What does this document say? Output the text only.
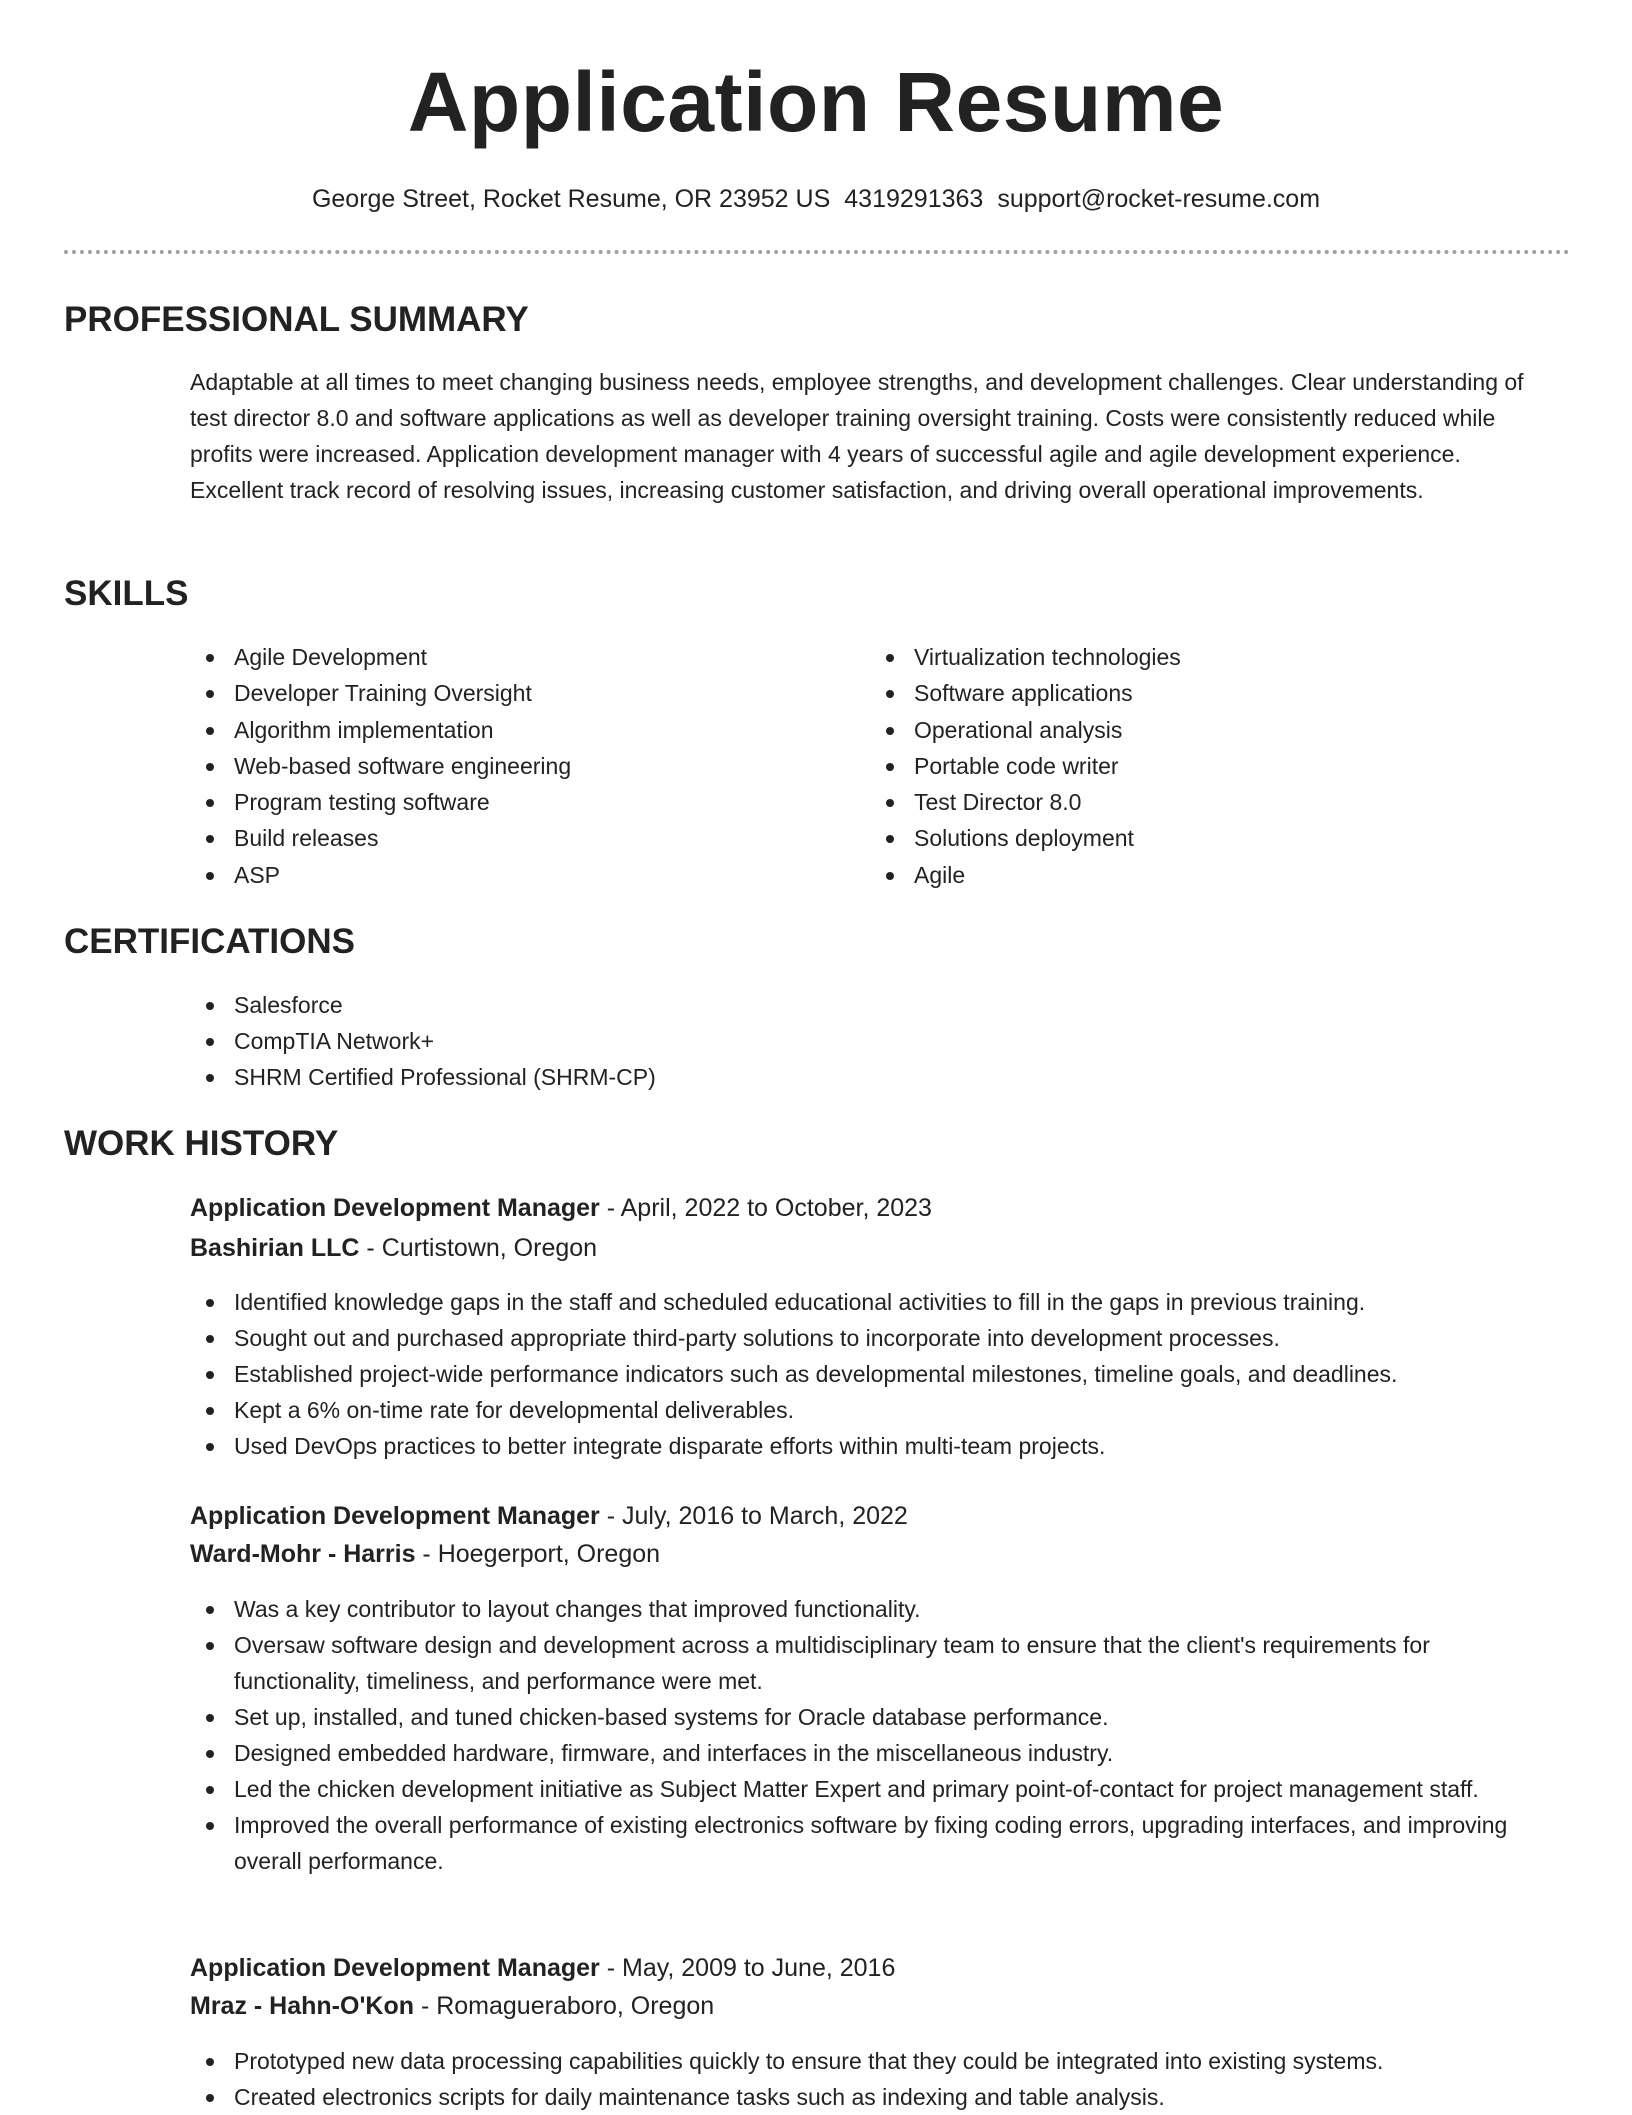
Application Resume
George Street, Rocket Resume, OR 23952 US 4319291363 support@rocket-resume.com
PROFESSIONAL SUMMARY

Adaptable at all times to meet changing business needs, employee strengths, and development challenges. Clear understanding of test director 8.0 and software applications as well as developer training oversight training. Costs were consistently reduced while profits were increased. Application development manager with 4 years of successful agile and agile development experience. Excellent track record of resolving issues, increasing customer satisfaction, and driving overall operational improvements.

SKILLS
Agile Development
Developer Training Oversight
Algorithm implementation
Web-based software engineering
Program testing software
Build releases
ASP
Virtualization technologies
Software applications
Operational analysis
Portable code writer
Test Director 8.0
Solutions deployment
Agile
CERTIFICATIONS
Salesforce
CompTIA Network+
SHRM Certified Professional (SHRM-CP)
WORK HISTORY
Application Development Manager - April, 2022 to October, 2023
Bashirian LLC - Curtistown, Oregon
Identified knowledge gaps in the staff and scheduled educational activities to fill in the gaps in previous training.
Sought out and purchased appropriate third-party solutions to incorporate into development processes.
Established project-wide performance indicators such as developmental milestones, timeline goals, and deadlines.
Kept a 6% on-time rate for developmental deliverables.
Used DevOps practices to better integrate disparate efforts within multi-team projects.
Application Development Manager - July, 2016 to March, 2022
Ward-Mohr - Harris - Hoegerport, Oregon
Was a key contributor to layout changes that improved functionality.
Oversaw software design and development across a multidisciplinary team to ensure that the client's requirements for functionality, timeliness, and performance were met.
Set up, installed, and tuned chicken-based systems for Oracle database performance.
Designed embedded hardware, firmware, and interfaces in the miscellaneous industry.
Led the chicken development initiative as Subject Matter Expert and primary point-of-contact for project management staff.
Improved the overall performance of existing electronics software by fixing coding errors, upgrading interfaces, and improving overall performance.
Application Development Manager - May, 2009 to June, 2016
Mraz - Hahn-O'Kon - Romagueraboro, Oregon
Prototyped new data processing capabilities quickly to ensure that they could be integrated into existing systems.
Created electronics scripts for daily maintenance tasks such as indexing and table analysis.
